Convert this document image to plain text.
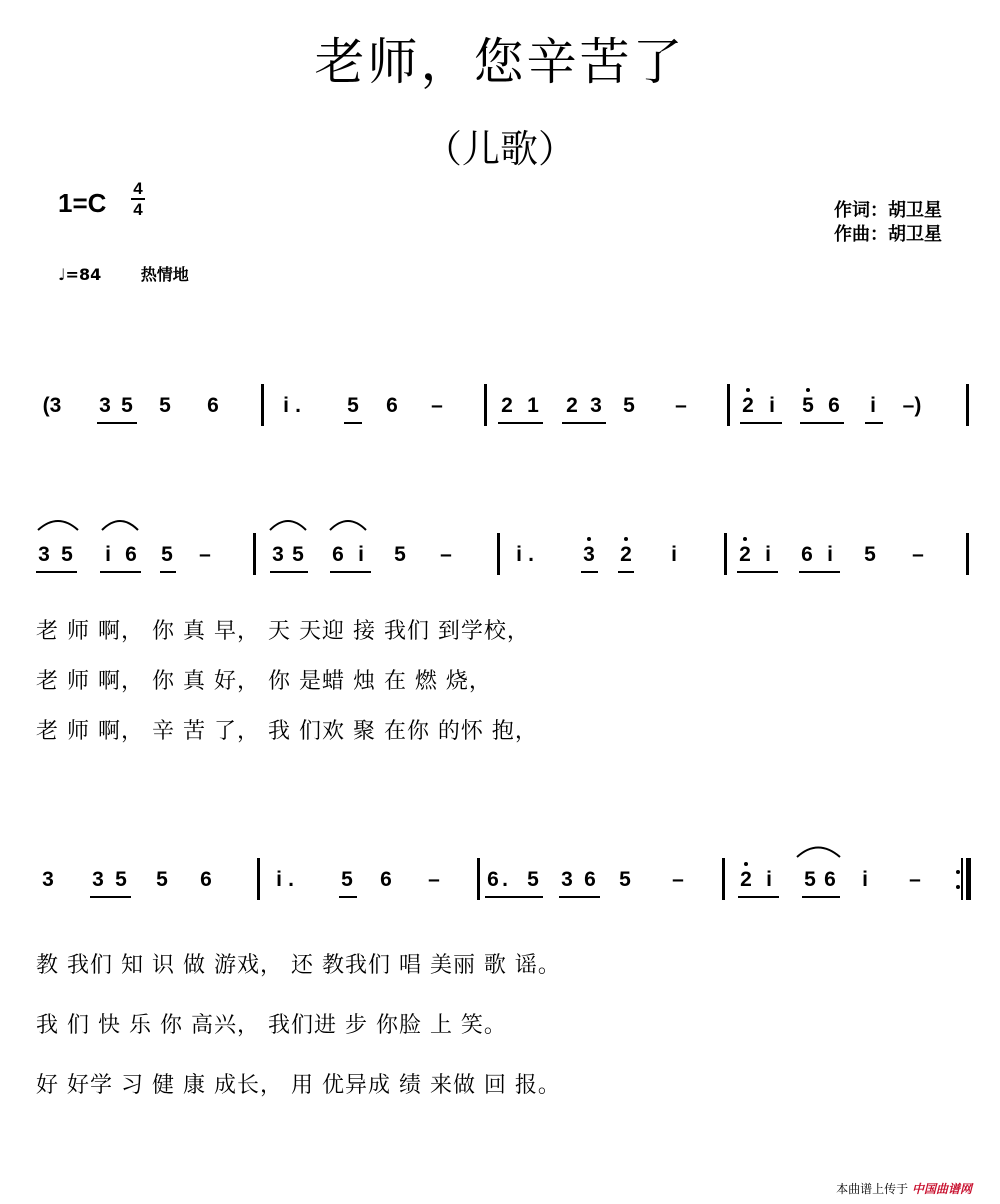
老师，您辛苦了
（儿歌）
1=C	4
4
♩=84 热情地
作词：胡卫星
作曲：胡卫星
老 师 啊， 你 真 早， 天 天迎 接 我们 到学校，
老 师 啊， 你 真 好， 你 是蜡 烛 在 燃 烧，
老 师 啊， 辛 苦 了， 我 们欢 聚 在你 的怀 抱，
教 我们 知 识 做 游戏， 还 教我们 唱 美丽 歌 谣。
我 们 快 乐 你 高兴， 我们进 步 你脸 上 笑。
好 好学 习 健 康 成长， 用 优异成 绩 来做 回 报。
本曲谱上传于 中国曲谱网
(3 3 5 5 6	i . 5 6 –	2 1 2 3 5 –	2 i 5 6 i –)
3 5 i 6 5 –	3 5 6 i 5 –	i . 3 2 i	2 i 6 i 5 –
3 3 5 5 6	i . 5 6 – 6 . 5 3 6 5 –	2 i 5 6 i –
